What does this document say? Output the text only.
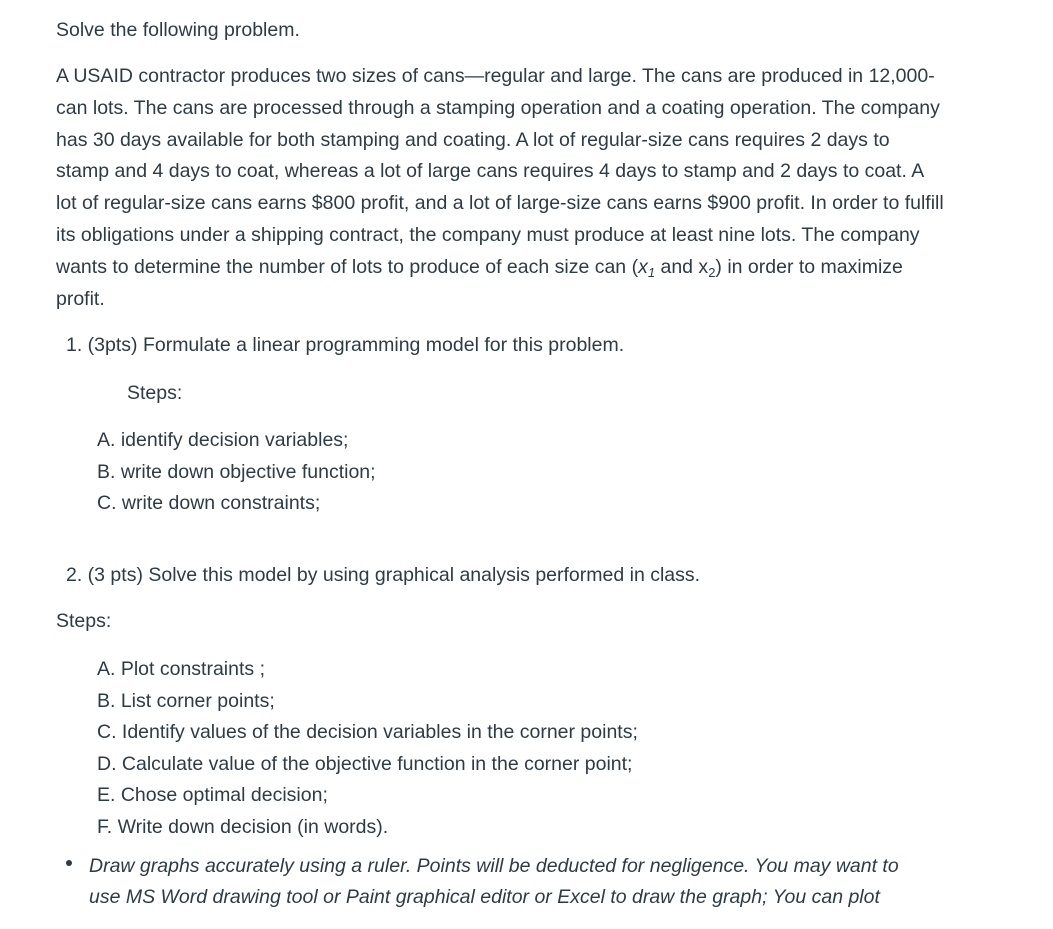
Solve the following problem.
A USAID contractor produces two sizes of cans—regular and large. The cans are produced in 12,000-
can lots. The cans are processed through a stamping operation and a coating operation. The company
has 30 days available for both stamping and coating. A lot of regular-size cans requires 2 days to
stamp and 4 days to coat, whereas a lot of large cans requires 4 days to stamp and 2 days to coat. A
lot of regular-size cans earns $800 profit, and a lot of large-size cans earns $900 profit. In order to fulfill
its obligations under a shipping contract, the company must produce at least nine lots. The company
wants to determine the number of lots to produce of each size can ($x_1$ and $x_2$) in order to maximize
profit.
1. (3pts) Formulate a linear programming model for this problem.
Steps:
A. identify decision variables;
B. write down objective function;
C. write down constraints;
2. (3 pts) Solve this model by using graphical analysis performed in class.
Steps:
A. Plot constraints ;
B. List corner points;
C. Identify values of the decision variables in the corner points;
D. Calculate value of the objective function in the corner point;
E. Chose optimal decision;
F. Write down decision (in words).
Draw graphs accurately using a ruler. Points will be deducted for negligence. You may want to
use MS Word drawing tool or Paint graphical editor or Excel to draw the graph; You can plot
